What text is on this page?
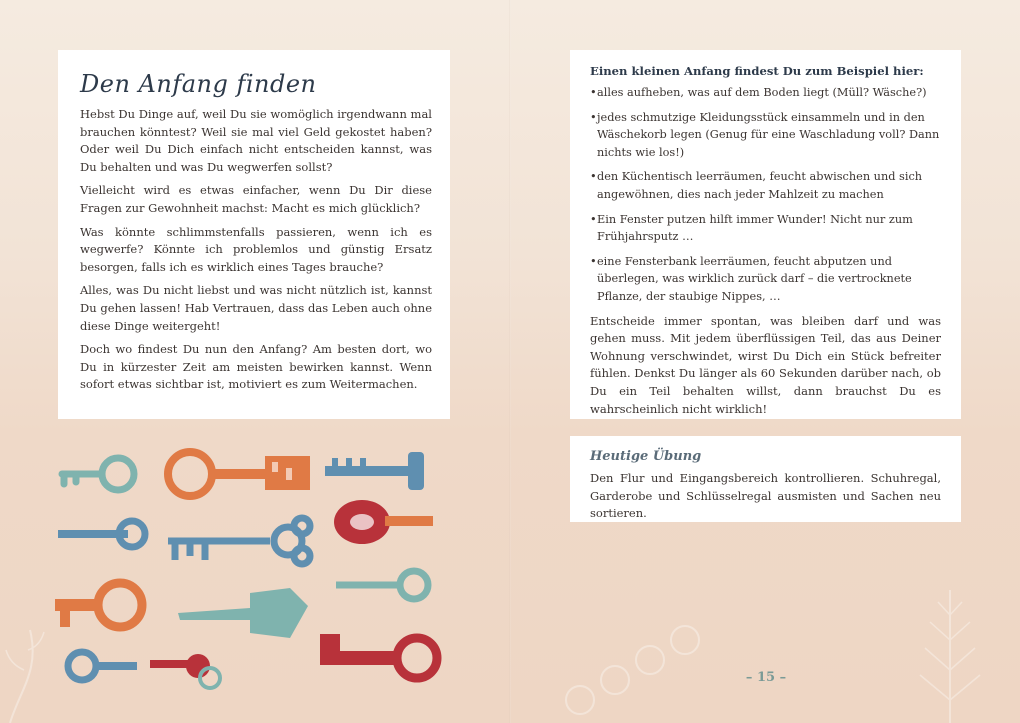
Den Anfang finden

Hebst Du Dinge auf, weil Du sie womöglich irgendwann mal brauchen könntest? Weil sie mal viel Geld gekostet haben? Oder weil Du Dich einfach nicht entscheiden kannst, was Du behalten und was Du wegwerfen sollst?

Vielleicht wird es etwas einfacher, wenn Du Dir diese Fragen zur Gewohnheit machst: Macht es mich glücklich?

Was könnte schlimmstenfalls passieren, wenn ich es wegwerfe? Könnte ich problemlos und günstig Ersatz besorgen, falls ich es wirklich eines Tages brauche?

Alles, was Du nicht liebst und was nicht nützlich ist, kannst Du gehen lassen! Hab Vertrauen, dass das Leben auch ohne diese Dinge weitergeht!

Doch wo findest Du nun den Anfang? Am besten dort, wo Du in kürzester Zeit am meisten bewirken kannst. Wenn sofort etwas sichtbar ist, motiviert es zum Weitermachen.

Einen kleinen Anfang findest Du zum Beispiel hier:
• alles aufheben, was auf dem Boden liegt (Müll? Wäsche?)
• jedes schmutzige Kleidungsstück einsammeln und in den Wäschekorb legen (Genug für eine Waschladung voll? Dann nichts wie los!)
• den Küchentisch leerräumen, feucht abwischen und sich angewöhnen, dies nach jeder Mahlzeit zu machen
• Ein Fenster putzen hilft immer Wunder! Nicht nur zum Frühjahrsputz …
• eine Fensterbank leerräumen, feucht abputzen und überlegen, was wirklich zurück darf – die vertrocknete Pflanze, der staubige Nippes, …

Entscheide immer spontan, was bleiben darf und was gehen muss. Mit jedem überflüssigen Teil, das aus Deiner Wohnung verschwindet, wirst Du Dich ein Stück befreiter fühlen. Denkst Du länger als 60 Sekunden darüber nach, ob Du ein Teil behalten willst, dann brauchst Du es wahrscheinlich nicht wirklich!

Heutige Übung

Den Flur und Eingangsbereich kontrollieren. Schuhregal, Garderobe und Schlüsselregal ausmisten und Sachen neu sortieren.

– 15 –
